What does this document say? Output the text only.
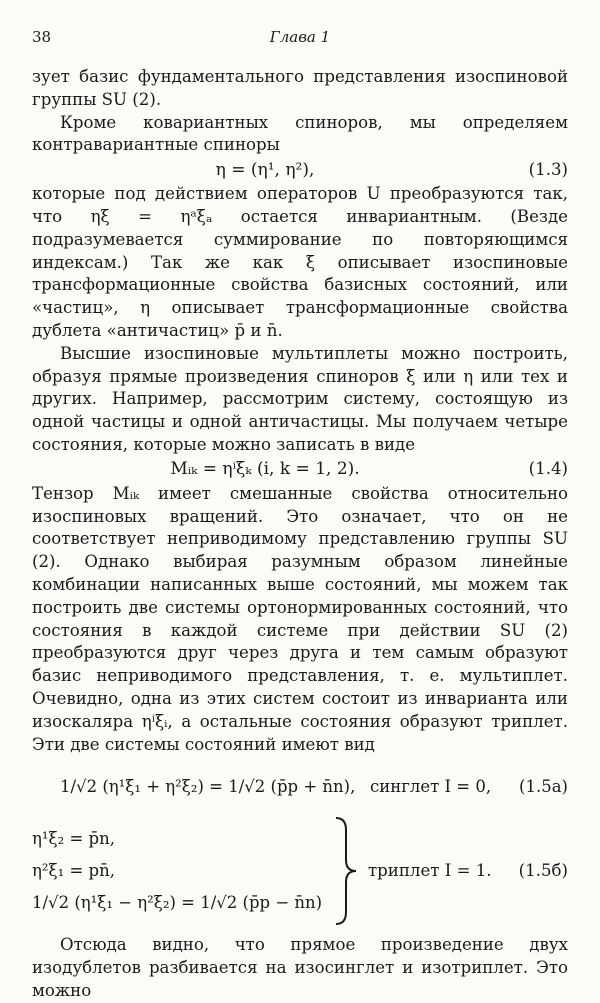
38	Глава 1

зует базис фундаментального представления изоспиновой группы SU (2).

Кроме ковариантных спиноров, мы определяем контравариантные спиноры

η = (η¹, η²),	(1.3)

которые под действием операторов U преобразуются так, что ηξ = ηᵃξₐ остается инвариантным. (Везде подразумевается суммирование по повторяющимся индексам.) Так же как ξ описывает изоспиновые трансформационные свойства базисных состояний, или «частиц», η описывает трансформационные свойства дублета «античастиц» p̄ и n̄.

Высшие изоспиновые мультиплеты можно построить, образуя прямые произведения спиноров ξ или η или тех и других. Например, рассмотрим систему, состоящую из одной частицы и одной античастицы. Мы получаем четыре состояния, которые можно записать в виде

Mᵢₖ = ηⁱξₖ (i, k = 1, 2).	(1.4)

Тензор Mᵢₖ имеет смешанные свойства относительно изоспиновых вращений. Это означает, что он не соответствует неприводимому представлению группы SU (2). Однако выбирая разумным образом линейные комбинации написанных выше состояний, мы можем так построить две системы ортонормированных состояний, что состояния в каждой системе при действии SU (2) преобразуются друг через друга и тем самым образуют базис неприводимого представления, т. е. мультиплет. Очевидно, одна из этих систем состоит из инварианта или изоскаляра ηⁱξᵢ, а остальные состояния образуют триплет. Эти две системы состояний имеют вид

1/√2 (η¹ξ₁ + η²ξ₂) = 1/√2 (p̄p + n̄n), синглет I = 0,	(1.5а)
η¹ξ₂ = p̄n,
η²ξ₁ = pn̄,
1/√2 (η¹ξ₁ − η²ξ₂) = 1/√2 (p̄p − n̄n)
триплет I = 1.	(1.5б)

Отсюда видно, что прямое произведение двух изодублетов разбивается на изосинглет и изотриплет. Это можно
